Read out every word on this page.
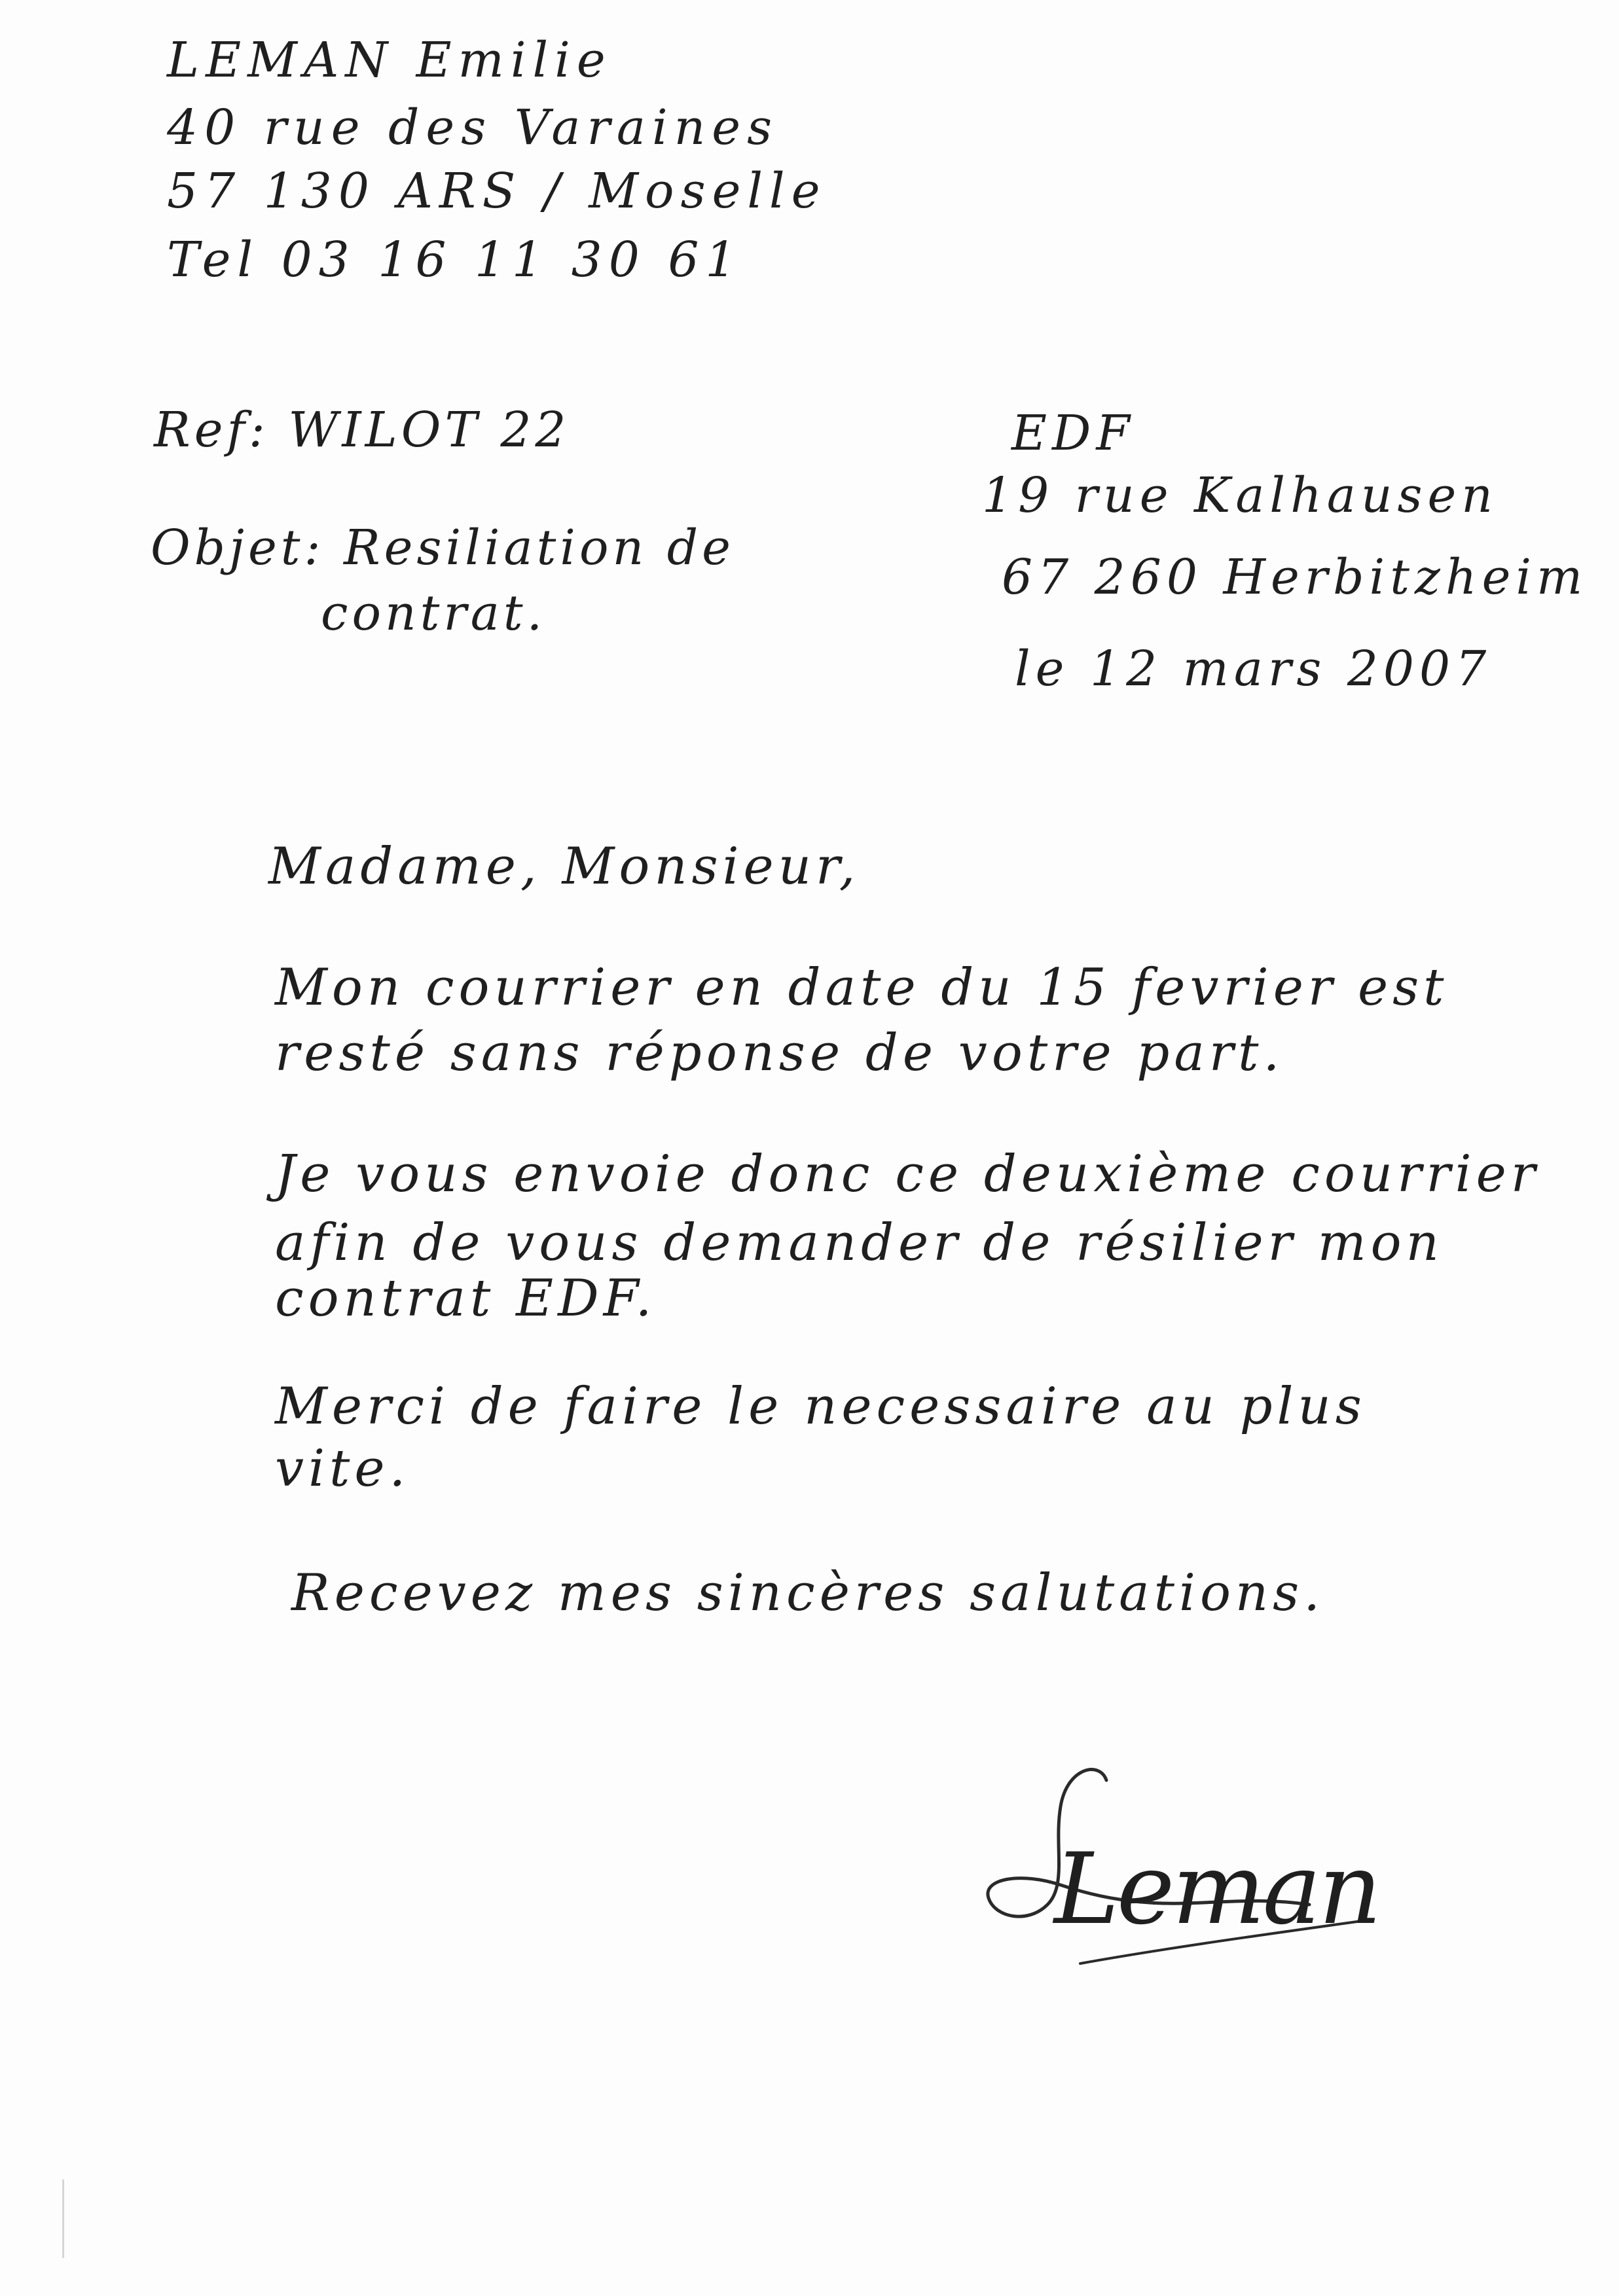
LEMAN Emilie
40 rue des Varaines
57 130 ARS / Moselle
Tel 03 16 11 30 61
Ref: WILOT 22
Objet: Resiliation de
contrat.
EDF
19 rue Kalhausen
67 260 Herbitzheim
le 12 mars 2007
Madame, Monsieur,
Mon courrier en date du 15 fevrier est
resté sans réponse de votre part.
Je vous envoie donc ce deuxième courrier
afin de vous demander de résilier mon
contrat EDF.
Merci de faire le necessaire au plus
vite.
Recevez mes sincères salutations.
Leman
